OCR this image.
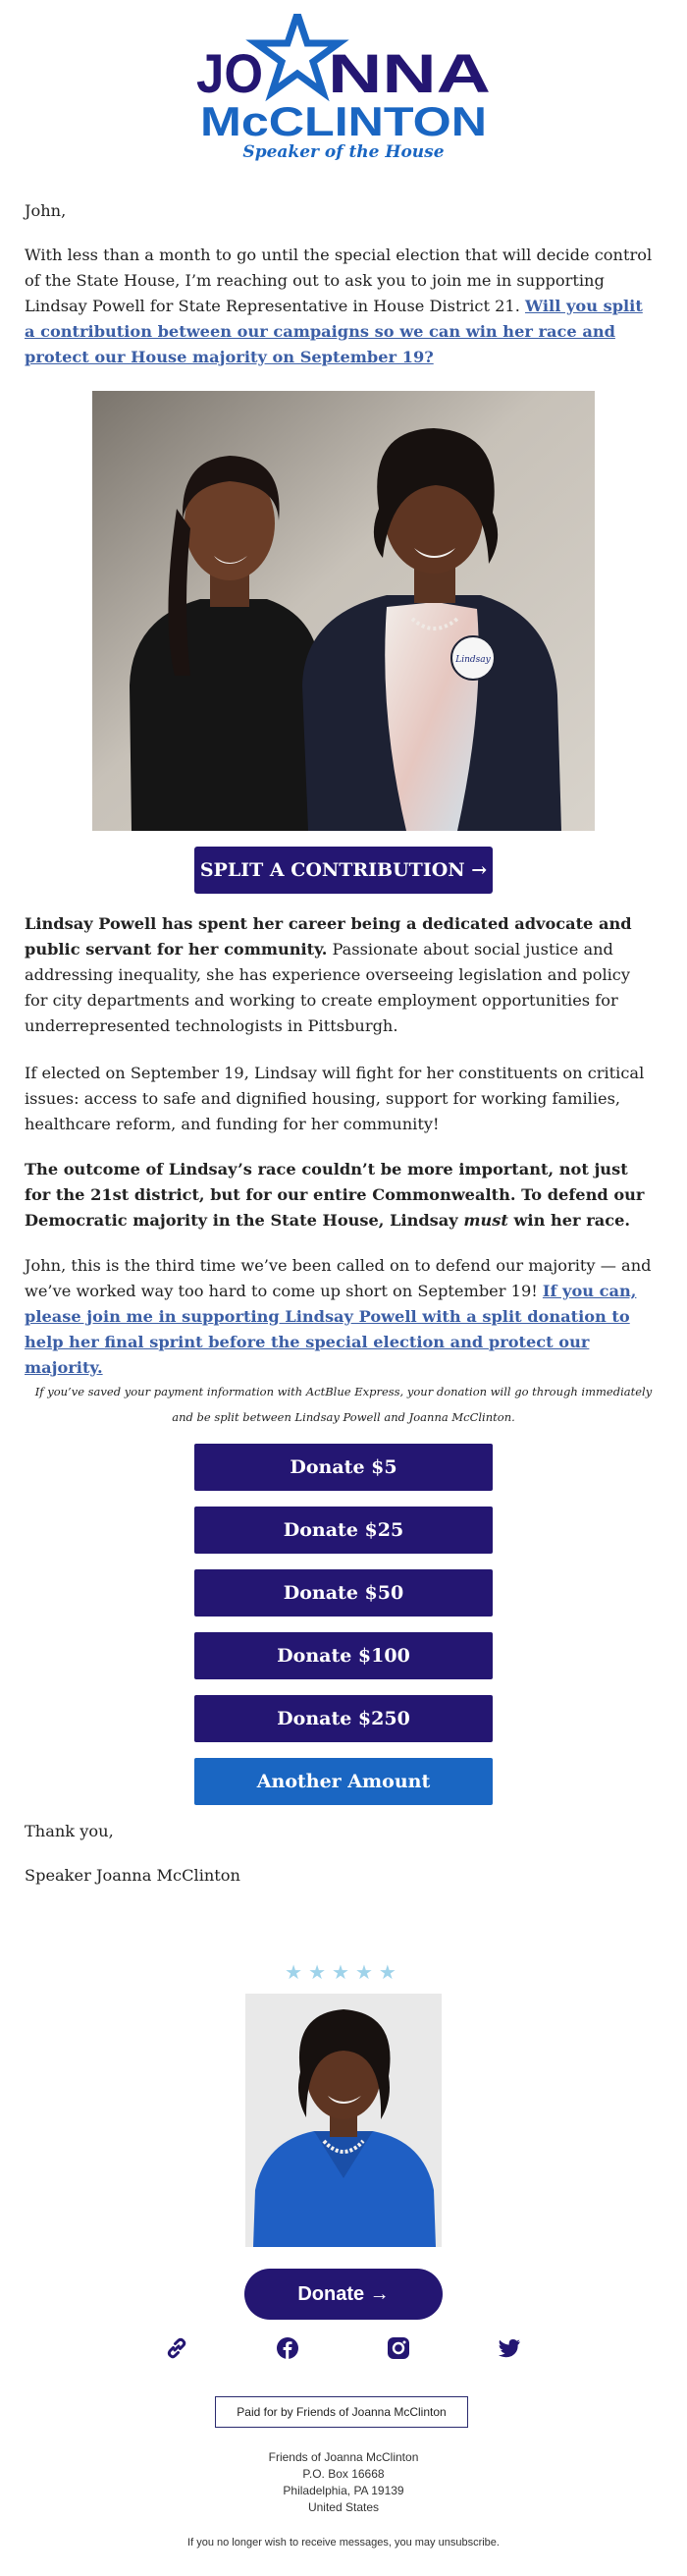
JO NNA
McCLINTON
Speaker of the House
John,

With less than a month to go until the special election that will decide control of the State House, I’m reaching out to ask you to join me in supporting Lindsay Powell for State Representative in House District 21. Will you split a contribution between our campaigns so we can win her race and protect our House majority on September 19?

Lindsay
SPLIT A CONTRIBUTION →

Lindsay Powell has spent her career being a dedicated advocate and public servant for her community. Passionate about social justice and addressing inequality, she has experience overseeing legislation and policy for city departments and working to create employment opportunities for underrepresented technologists in Pittsburgh.

If elected on September 19, Lindsay will fight for her constituents on critical issues: access to safe and dignified housing, support for working families, healthcare reform, and funding for her community!

The outcome of Lindsay’s race couldn’t be more important, not just for the 21st district, but for our entire Commonwealth. To defend our Democratic majority in the State House, Lindsay must win her race.

John, this is the third time we’ve been called on to defend our majority — and we’ve worked way too hard to come up short on September 19! If you can, please join me in supporting Lindsay Powell with a split donation to help her final sprint before the special election and protect our majority.

If you’ve saved your payment information with ActBlue Express, your donation will go through immediately and be split between Lindsay Powell and Joanna McClinton.
Donate $5
Donate $25
Donate $50
Donate $100
Donate $250
Another Amount
Thank you,
Speaker Joanna McClinton
★★★★★
Donate →
Paid for by Friends of Joanna McClinton
Friends of Joanna McClinton
P.O. Box 16668
Philadelphia, PA 19139
United States
If you no longer wish to receive messages, you may unsubscribe.
